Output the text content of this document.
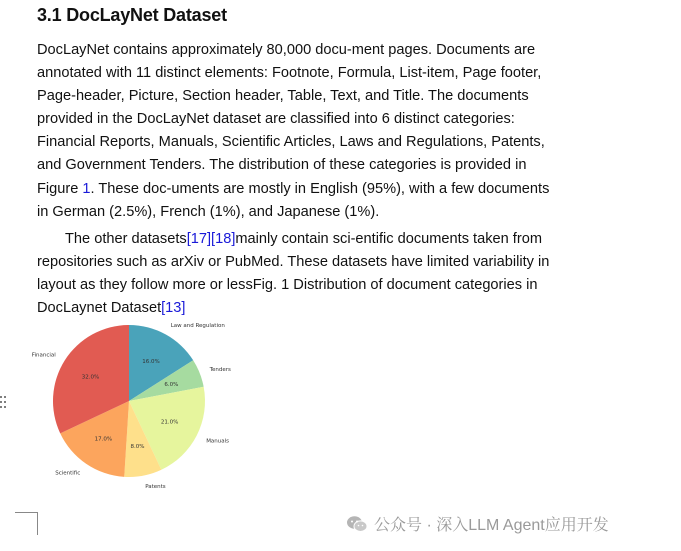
3.1 DocLayNet Dataset
DocLayNet contains approximately 80,000 docu-ment pages. Documents are
annotated with 11 distinct elements: Footnote, Formula, List-item, Page footer,
Page-header, Picture, Section header, Table, Text, and Title. The documents
provided in the DocLayNet dataset are classified into 6 distinct categories:
Financial Reports, Manuals, Scientific Articles, Laws and Regulations, Patents,
and Government Tenders. The distribution of these categories is provided in
Figure 1. These doc-uments are mostly in English (95%), with a few documents
in German (2.5%), French (1%), and Japanese (1%).
The other datasets[17][18]mainly contain sci-entific documents taken from
repositories such as arXiv or PubMed. These datasets have limited variability in
layout as they follow more or lessFig. 1 Distribution of document categories in
DocLaynet Dataset[13]
16.0%
Law and Regulation
6.0%
Tenders
21.0%
Manuals
8.0%
Patents
17.0%
Scientific
32.0%
Financial
公众号 · 深入LLM Agent应用开发
